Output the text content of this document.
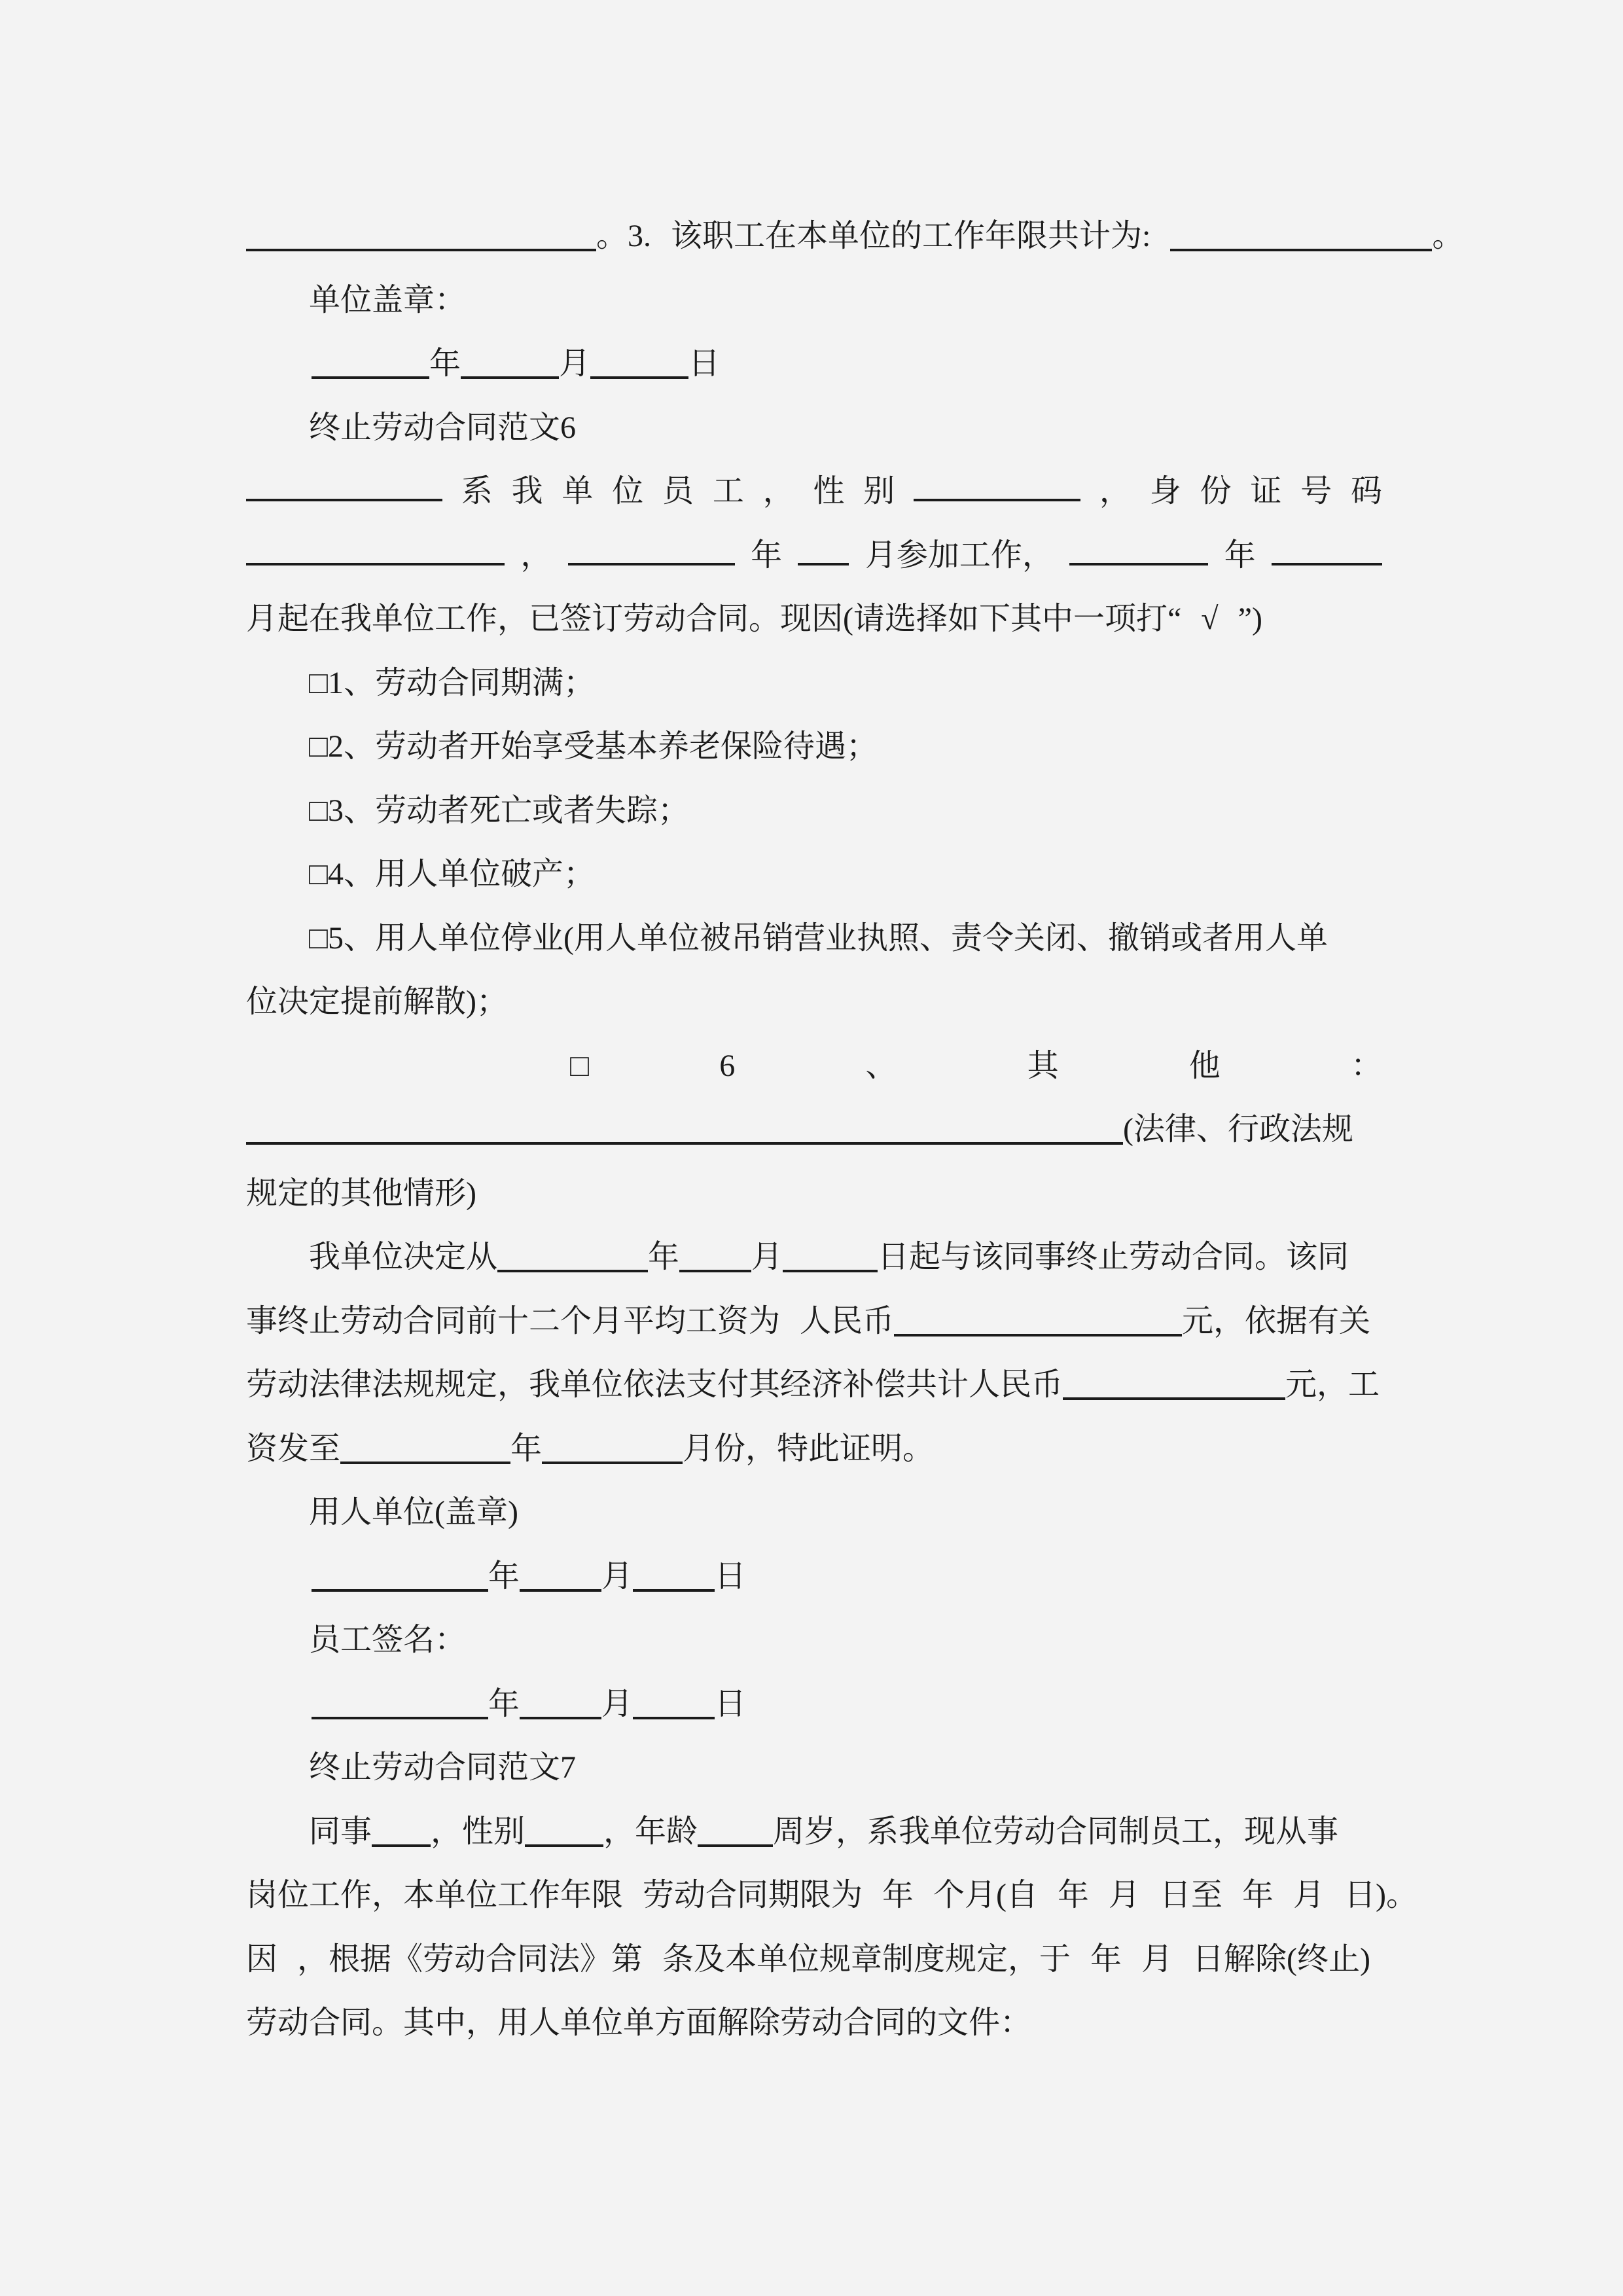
。3. 该职工在本单位的工作年限共计为:	。
单位盖章：
年	月	日
终止劳动合同范文6
系 我 单 位 员 工 ， 性 别	， 身 份 证 号 码
，	年	月参加工作，	年
月起在我单位工作，已签订劳动合同。现因(请选择如下其中一项打“ √ ”)
□1、劳动合同期满；
□2、劳动者开始享受基本养老保险待遇；
□3、劳动者死亡或者失踪；
□4、用人单位破产；
□5、用人单位停业(用人单位被吊销营业执照、责令关闭、撤销或者用人单
位决定提前解散)；
□	6	、	其	他	：
(法律、行政法规
规定的其他情形)
我单位决定从	年 月	日起与该同事终止劳动合同。该同
事终止劳动合同前十二个月平均工资为 人民币	元，依据有关
劳动法律法规规定，我单位依法支付其经济补偿共计人民币	元，工
资发至	年	月份，特此证明。
用人单位(盖章)
年	月	日
员工签名：
年	月	日
终止劳动合同范文7
同事 ，性别	，年龄 周岁，系我单位劳动合同制员工，现从事
岗位工作，本单位工作年限 劳动合同期限为 年 个月(自 年 月 日至 年 月 日)。
因 ，根据《劳动合同法》第 条及本单位规章制度规定，于 年 月 日解除(终止)
劳动合同。其中，用人单位单方面解除劳动合同的文件：
